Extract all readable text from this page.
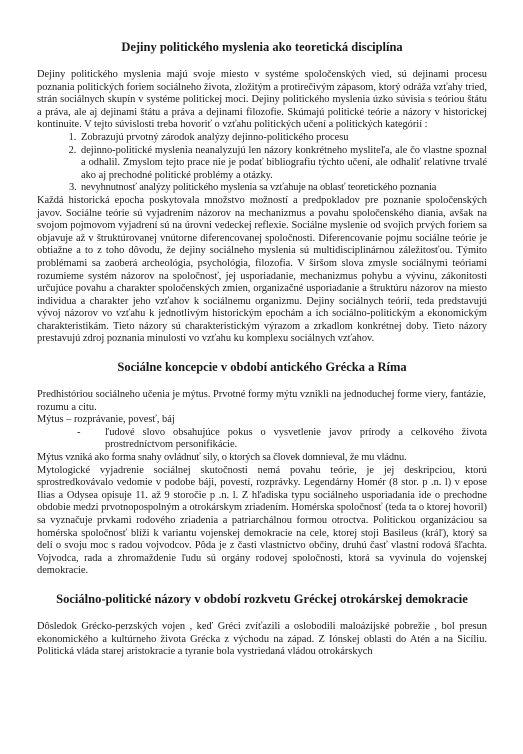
Dejiny politického myslenia ako teoretická disciplína

Dejiny politického myslenia majú svoje miesto v systéme spoločenských vied, sú dejinami procesu poznania politických foriem sociálneho života, zložitým a protirečivým zápasom, ktorý odráža vzťahy tried, strán sociálnych skupín v systéme politickej moci. Dejiny politického myslenia úzko súvisia s teóriou štátu a práva, ale aj dejinami štátu a práva a dejinami filozofie. Skúmajú politické teórie a názory v historickej kontinuite. V tejto súvislosti treba hovoriť o vzťahu politických učení a politických kategórií :

1. Zobrazujú prvotný zárodok analýzy dejinno-politického procesu
2. dejinno-politické myslenia neanalyzujú len názory konkrétneho mysliteľa, ale čo vlastne spoznal a odhalil. Zmyslom tejto prace nie je podať bibliografiu týchto učení, ale odhaliť relatívne trvalé ako aj prechodné politické problémy a otázky.
3. nevyhnutnosť analýzy politického myslenia sa vzťahuje na oblasť teoretického poznania

Každá historická epocha poskytovala množstvo možností a predpokladov pre poznanie spoločenských javov. Sociálne teórie sú vyjadrením názorov na mechanizmus a povahu spoločenského diania, avšak na svojom pojmovom vyjadrení sú na úrovni vedeckej reflexie. Sociálne myslenie od svojich prvých foriem sa objavuje až v štruktúrovanej vnútorne diferencovanej spoločnosti. Diferencovanie pojmu sociálne teórie je obtiažne a to z toho dôvodu, že dejiny sociálneho myslenia sú multidisciplinárnou záležitosťou. Týmito problémami sa zaoberá archeológia, psychológia, filozofia. V širšom slova zmysle sociálnymi teóriami rozumieme systém názorov na spoločnosť, jej usporiadanie, mechanizmus pohybu a vývinu, zákonitosti určujúce povahu a charakter spoločenských zmien, organizačné usporiadanie a štruktúru názorov na miesto individua a charakter jeho vzťahov k sociálnemu organizmu. Dejiny sociálnych teórií, teda predstavujú vývoj názorov vo vzťahu k jednotlivým historickým epochám a ich sociálno-politickým a ekonomickým charakteristikám. Tieto názory sú charakteristickým výrazom a zrkadlom konkrétnej doby. Tieto názory prestavujú zdroj poznania minulosti vo vzťahu ku komplexu sociálnych vzťahov.

Sociálne koncepcie v období antického Grécka a Ríma

Predhistóriou sociálneho učenia je mýtus. Prvotné formy mýtu vznikli na jednoduchej forme viery, fantázie, rozumu a citu.

Mýtus – rozprávanie, povesť, báj

-	ľudové slovo obsahujúce pokus o vysvetlenie javov prírody a celkového života prostredníctvom personifikácie.

Mýtus vzniká ako forma snahy ovládnuť sily, o ktorých sa človek domnieval, že mu vládnu.

Mytologické vyjadrenie sociálnej skutočnosti nemá povahu teórie, je jej deskripciou, ktorú sprostredkovávalo vedomie v podobe báji, povestí, rozprávky. Legendárny Homér (8 stor. p .n. l) v epose Ilias a Odysea opisuje 11. až 9 storočie p .n. l. Z hľadiska typu sociálneho usporiadania ide o prechodne obdobie medzi prvotnopospolným a otrokárskym zriadením. Homérska spoločnosť (teda ta o ktorej hovoril) sa vyznačuje prvkami rodového zriadenia a patriarchálnou formou otroctva. Politickou organizáciou sa homérska spoločnosť blíži k variantu vojenskej demokracie na cele, ktorej stoji Basileus (kráľ), ktorý sa delí o svoju moc s radou vojvodcov. Pôda je z časti vlastníctvo občiny, druhú časť vlastní rodová šľachta. Vojvodca, rada a zhromaždenie ľudu sú orgány rodovej spoločnosti, ktorá sa vyvinula do vojenskej demokracie.

Sociálno-politické názory v období rozkvetu Gréckej otrokárskej demokracie

Dôsledok Grécko-perzských vojen , keď Gréci zvíťazili a oslobodili maloázijské pobrežie , bol presun ekonomického a kultúrneho života Grécka z východu na západ. Z Iónskej oblasti do Atén a na Sicíliu. Politická vláda starej aristokracie a tyranie bola vystriedaná vládou otrokárskych
